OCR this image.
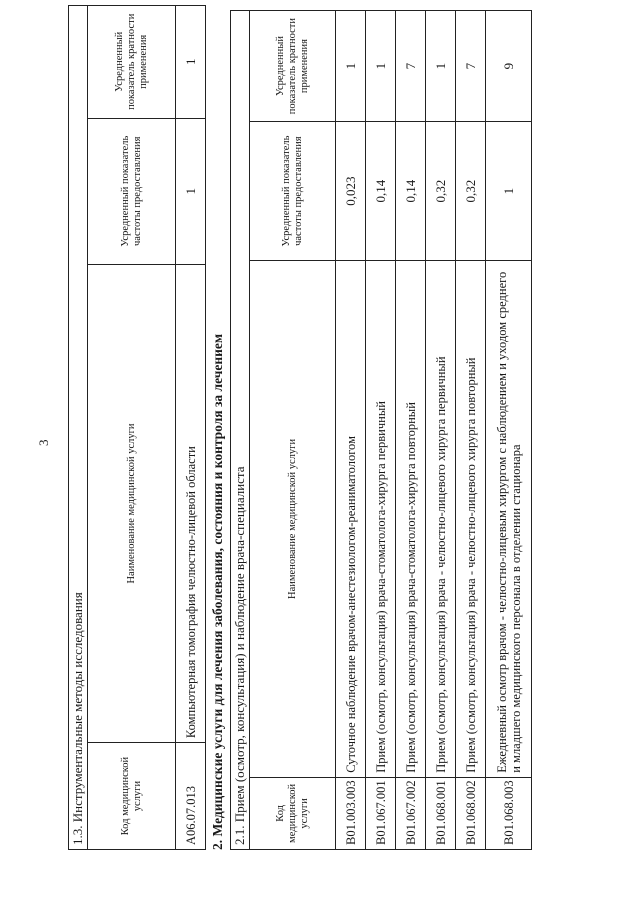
3
1.3. Инструментальные методы исследования			
Код медицинской услуги	Наименование медицинской услуги	Усредненный показатель частоты предоставления	Усредненный показатель кратности применения
А06.07.013	Компьютерная томография челюстно-лицевой области	1	1
2. Медицинские услуги для лечения заболевания, состояния и контроля за лечением 2.1. Прием (осмотр, консультация) и наблюдение врача-специалиста			
Код медицинской услуги	Наименование медицинской услуги	Усредненный показатель частоты предоставления	Усредненный показатель кратности применения
В01.003.003	Суточное наблюдение врачом-анестезиологом-реаниматологом	0,023	1
В01.067.001	Прием (осмотр, консультация) врача-стоматолога-хирурга первичный	0,14	1
В01.067.002	Прием (осмотр, консультация) врача-стоматолога-хирурга повторный	0,14	7
В01.068.001	Прием (осмотр, консультация) врача - челюстно-лицевого хирурга первичный	0,32	1
В01.068.002	Прием (осмотр, консультация) врача - челюстно-лицевого хирурга повторный	0,32	7
В01.068.003	Ежедневный осмотр врачом - челюстно-лицевым хирургом с наблюдением и уходом среднего и младшего медицинского персонала в отделении стационара	1	9
